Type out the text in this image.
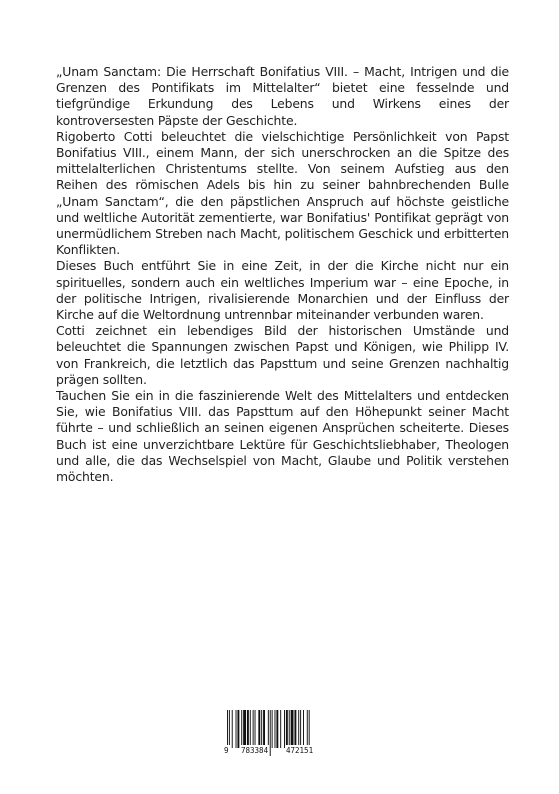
„Unam Sanctam: Die Herrschaft Bonifatius VIII. – Macht, Intrigen und die Grenzen des Pontifikats im Mittelalter“ bietet eine fesselnde und tiefgründige Erkundung des Lebens und Wirkens eines der kontroversesten Päpste der Geschichte.

Rigoberto Cotti beleuchtet die vielschichtige Persönlichkeit von Papst Bonifatius VIII., einem Mann, der sich unerschrocken an die Spitze des mittelalterlichen Christentums stellte. Von seinem Aufstieg aus den Reihen des römischen Adels bis hin zu seiner bahnbrechenden Bulle „Unam Sanctam“, die den päpstlichen Anspruch auf höchste geistliche und weltliche Autorität zementierte, war Bonifatius' Pontifikat geprägt von unermüdlichem Streben nach Macht, politischem Geschick und erbitterten Konflikten.

Dieses Buch entführt Sie in eine Zeit, in der die Kirche nicht nur ein spirituelles, sondern auch ein weltliches Imperium war – eine Epoche, in der politische Intrigen, rivalisierende Monarchien und der Einfluss der Kirche auf die Weltordnung untrennbar miteinander verbunden waren.

Cotti zeichnet ein lebendiges Bild der historischen Umstände und beleuchtet die Spannungen zwischen Papst und Königen, wie Philipp IV. von Frankreich, die letztlich das Papsttum und seine Grenzen nachhaltig prägen sollten.

Tauchen Sie ein in die faszinierende Welt des Mittelalters und entdecken Sie, wie Bonifatius VIII. das Papsttum auf den Höhepunkt seiner Macht führte – und schließlich an seinen eigenen Ansprüchen scheiterte. Dieses Buch ist eine unverzichtbare Lektüre für Geschichtsliebhaber, Theologen und alle, die das Wechselspiel von Macht, Glaube und Politik verstehen möchten.

9 783384 472151
